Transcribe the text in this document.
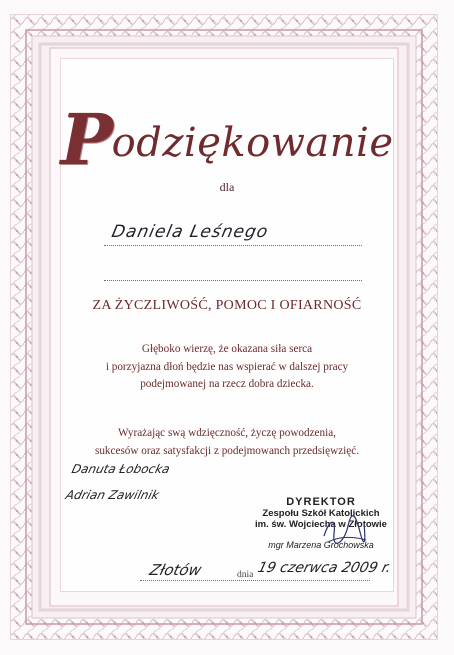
Podziękowanie
dla
Daniela Leśnego
ZA ŻYCZLIWOŚĆ, POMOC I OFIARNOŚĆ
Głęboko wierzę, że okazana siła serca
i porzyjazna dłoń będzie nas wspierać w dalszej pracy
podejmowanej na rzecz dobra dziecka.
Wyrażając swą wdzięczność, życzę powodzenia,
sukcesów oraz satysfakcji z podejmowanch przedsięwzięć.
Danuta Łobocka
Adrian Zawilnik	DYREKTOR
Zespołu Szkół Katolickich
im. św. Wojciecha w Złotowie
mgr Marzena Grochowska
Złotów	dnia 19 czerwca 2009 r.
